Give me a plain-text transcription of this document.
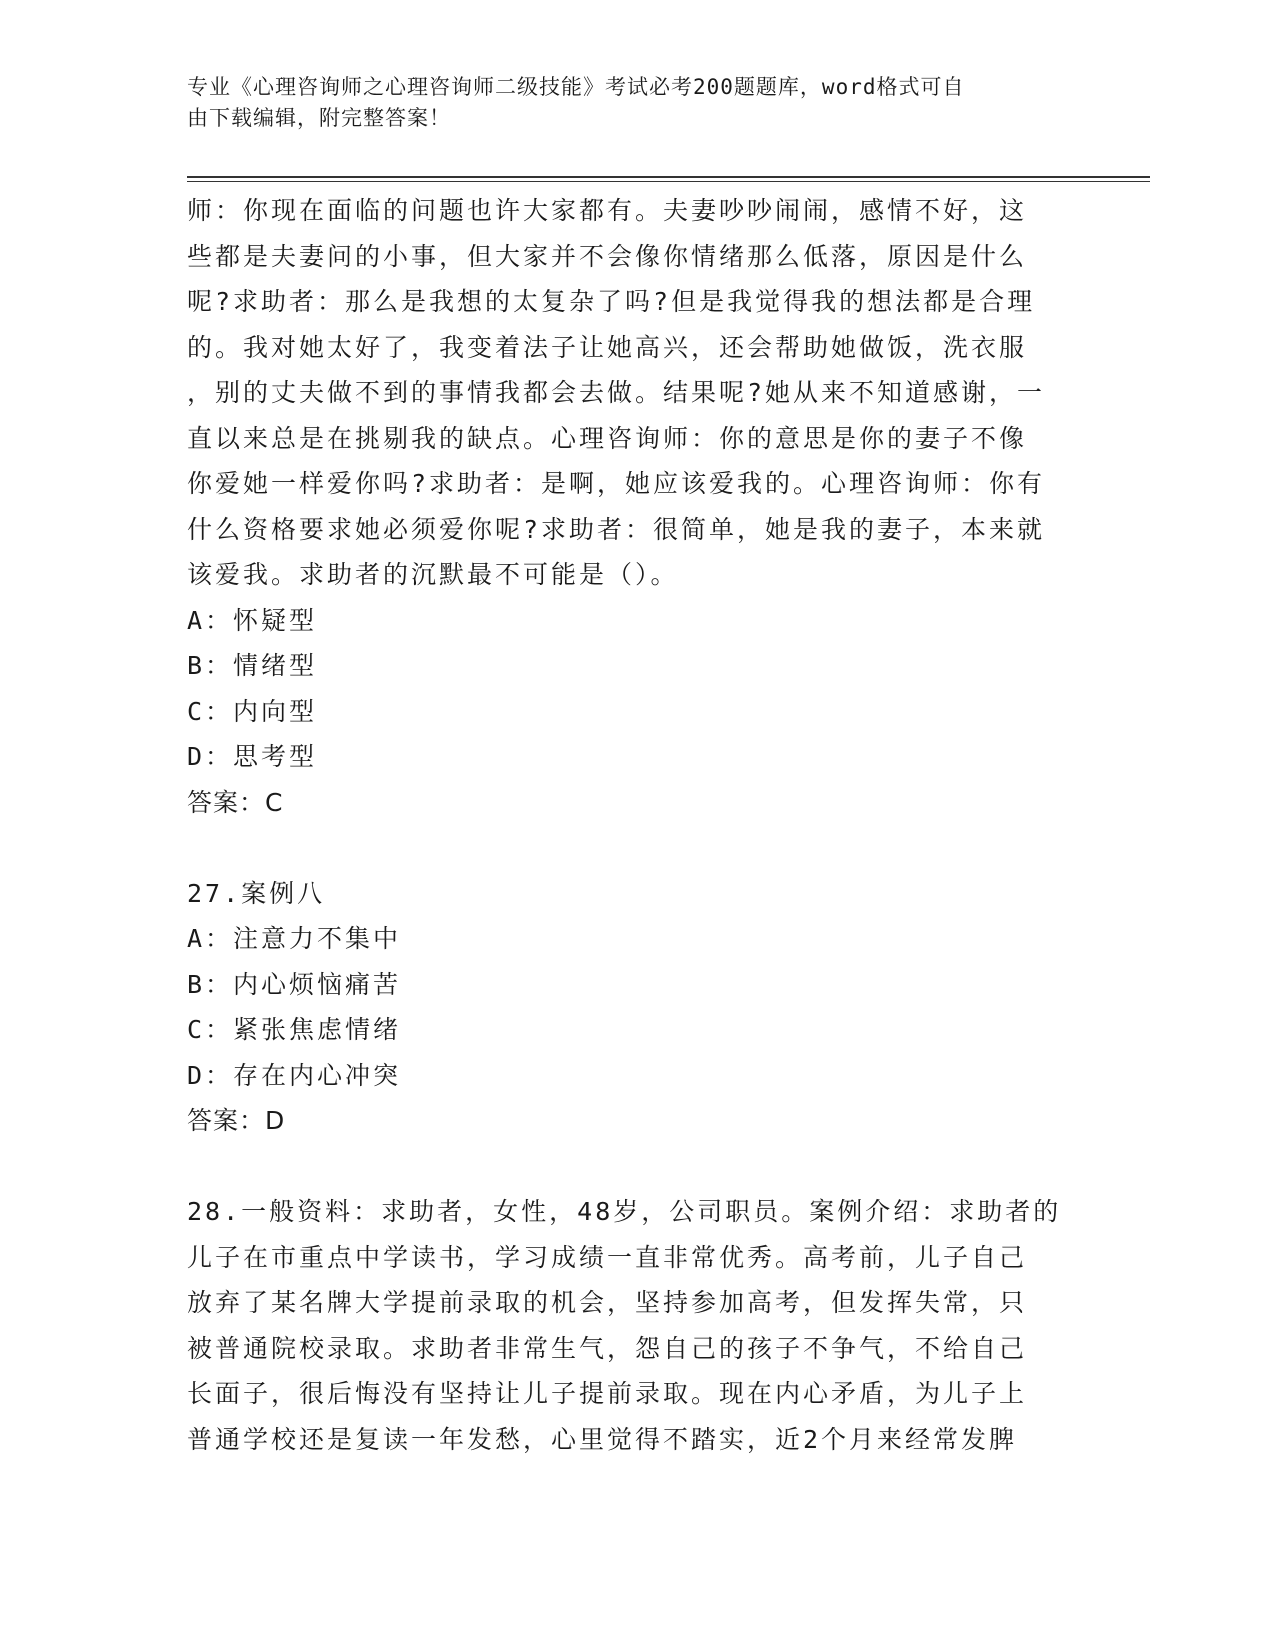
专业《心理咨询师之心理咨询师二级技能》考试必考200题题库，word格式可自
由下载编辑，附完整答案！
师：你现在面临的问题也许大家都有。夫妻吵吵闹闹，感情不好，这
些都是夫妻问的小事，但大家并不会像你情绪那么低落，原因是什么
呢?求助者：那么是我想的太复杂了吗?但是我觉得我的想法都是合理
的。我对她太好了，我变着法子让她高兴，还会帮助她做饭，洗衣服
，别的丈夫做不到的事情我都会去做。结果呢?她从来不知道感谢，一
直以来总是在挑剔我的缺点。心理咨询师：你的意思是你的妻子不像
你爱她一样爱你吗?求助者：是啊，她应该爱我的。心理咨询师：你有
什么资格要求她必须爱你呢?求助者：很简单，她是我的妻子，本来就
该爱我。求助者的沉默最不可能是（）。
A：怀疑型
B：情绪型
C：内向型
D：思考型
答案：C
27.案例八
A：注意力不集中
B：内心烦恼痛苦
C：紧张焦虑情绪
D：存在内心冲突
答案：D
28.一般资料：求助者，女性，48岁，公司职员。案例介绍：求助者的
儿子在市重点中学读书，学习成绩一直非常优秀。高考前，儿子自己
放弃了某名牌大学提前录取的机会，坚持参加高考，但发挥失常，只
被普通院校录取。求助者非常生气，怨自己的孩子不争气，不给自己
长面子，很后悔没有坚持让儿子提前录取。现在内心矛盾，为儿子上
普通学校还是复读一年发愁，心里觉得不踏实，近2个月来经常发脾
